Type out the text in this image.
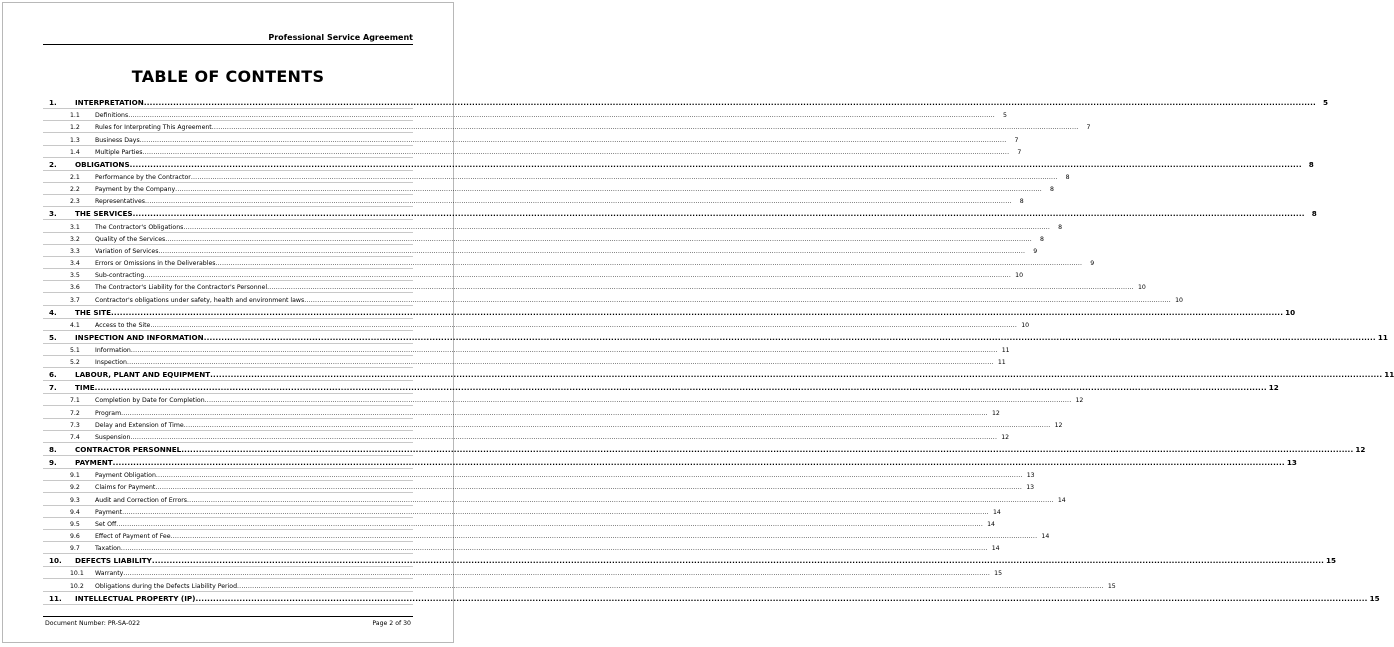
Professional Service Agreement
TABLE OF CONTENTS
1.	INTERPRETATION ................................................................................................................................................................................................................................................................................................................................................................................................................ 5
1.1	Definitions ................................................................................................................................................................................................................................................................................................................................................................................................................	5
1.2	Rules for Interpreting This Agreement ................................................................................................................................................................................................................................................................................................................................................................................................................	7
1.3	Business Days ................................................................................................................................................................................................................................................................................................................................................................................................................	7
1.4	Multiple Parties ................................................................................................................................................................................................................................................................................................................................................................................................................	7
2.	OBLIGATIONS ................................................................................................................................................................................................................................................................................................................................................................................................................ 8
2.1	Performance by the Contractor ................................................................................................................................................................................................................................................................................................................................................................................................................	8
2.2	Payment by the Company ................................................................................................................................................................................................................................................................................................................................................................................................................	8
2.3	Representatives ................................................................................................................................................................................................................................................................................................................................................................................................................	8
3.	THE SERVICES ................................................................................................................................................................................................................................................................................................................................................................................................................ 8
3.1	The Contractor's Obligations ................................................................................................................................................................................................................................................................................................................................................................................................................	8
3.2	Quality of the Services ................................................................................................................................................................................................................................................................................................................................................................................................................	8
3.3	Variation of Services ................................................................................................................................................................................................................................................................................................................................................................................................................	9
3.4	Errors or Omissions in the Deliverables ................................................................................................................................................................................................................................................................................................................................................................................................................	9
3.5	Sub-contracting ................................................................................................................................................................................................................................................................................................................................................................................................................ 10
3.6	The Contractor's Liability for the Contractor's Personnel ................................................................................................................................................................................................................................................................................................................................................................................................................ 10
3.7	Contractor's obligations under safety, health and environment laws ................................................................................................................................................................................................................................................................................................................................................................................................................ 10
4.	THE SITE ................................................................................................................................................................................................................................................................................................................................................................................................................ 10
4.1	Access to the Site ................................................................................................................................................................................................................................................................................................................................................................................................................ 10
5.	INSPECTION AND INFORMATION ................................................................................................................................................................................................................................................................................................................................................................................................................ 11
5.1	Information ................................................................................................................................................................................................................................................................................................................................................................................................................ 11
5.2	Inspection ................................................................................................................................................................................................................................................................................................................................................................................................................ 11
6.	LABOUR, PLANT AND EQUIPMENT ................................................................................................................................................................................................................................................................................................................................................................................................................ 11
7.	TIME ................................................................................................................................................................................................................................................................................................................................................................................................................ 12
7.1	Completion by Date for Completion ................................................................................................................................................................................................................................................................................................................................................................................................................ 12
7.2	Program ................................................................................................................................................................................................................................................................................................................................................................................................................ 12
7.3	Delay and Extension of Time ................................................................................................................................................................................................................................................................................................................................................................................................................ 12
7.4	Suspension ................................................................................................................................................................................................................................................................................................................................................................................................................ 12
8.	CONTRACTOR PERSONNEL ................................................................................................................................................................................................................................................................................................................................................................................................................ 12
9.	PAYMENT ................................................................................................................................................................................................................................................................................................................................................................................................................ 13
9.1	Payment Obligation ................................................................................................................................................................................................................................................................................................................................................................................................................ 13
9.2	Claims for Payment ................................................................................................................................................................................................................................................................................................................................................................................................................ 13
9.3	Audit and Correction of Errors ................................................................................................................................................................................................................................................................................................................................................................................................................ 14
9.4	Payment ................................................................................................................................................................................................................................................................................................................................................................................................................ 14
9.5	Set Off ................................................................................................................................................................................................................................................................................................................................................................................................................ 14
9.6	Effect of Payment of Fee ................................................................................................................................................................................................................................................................................................................................................................................................................ 14
9.7	Taxation ................................................................................................................................................................................................................................................................................................................................................................................................................ 14
10.	DEFECTS LIABILITY ................................................................................................................................................................................................................................................................................................................................................................................................................ 15
10.1	Warranty ................................................................................................................................................................................................................................................................................................................................................................................................................ 15
10.2	Obligations during the Defects Liability Period ................................................................................................................................................................................................................................................................................................................................................................................................................ 15
11.	INTELLECTUAL PROPERTY (IP) ................................................................................................................................................................................................................................................................................................................................................................................................................ 15
Document Number: PR-SA-022	Page 2 of 30
